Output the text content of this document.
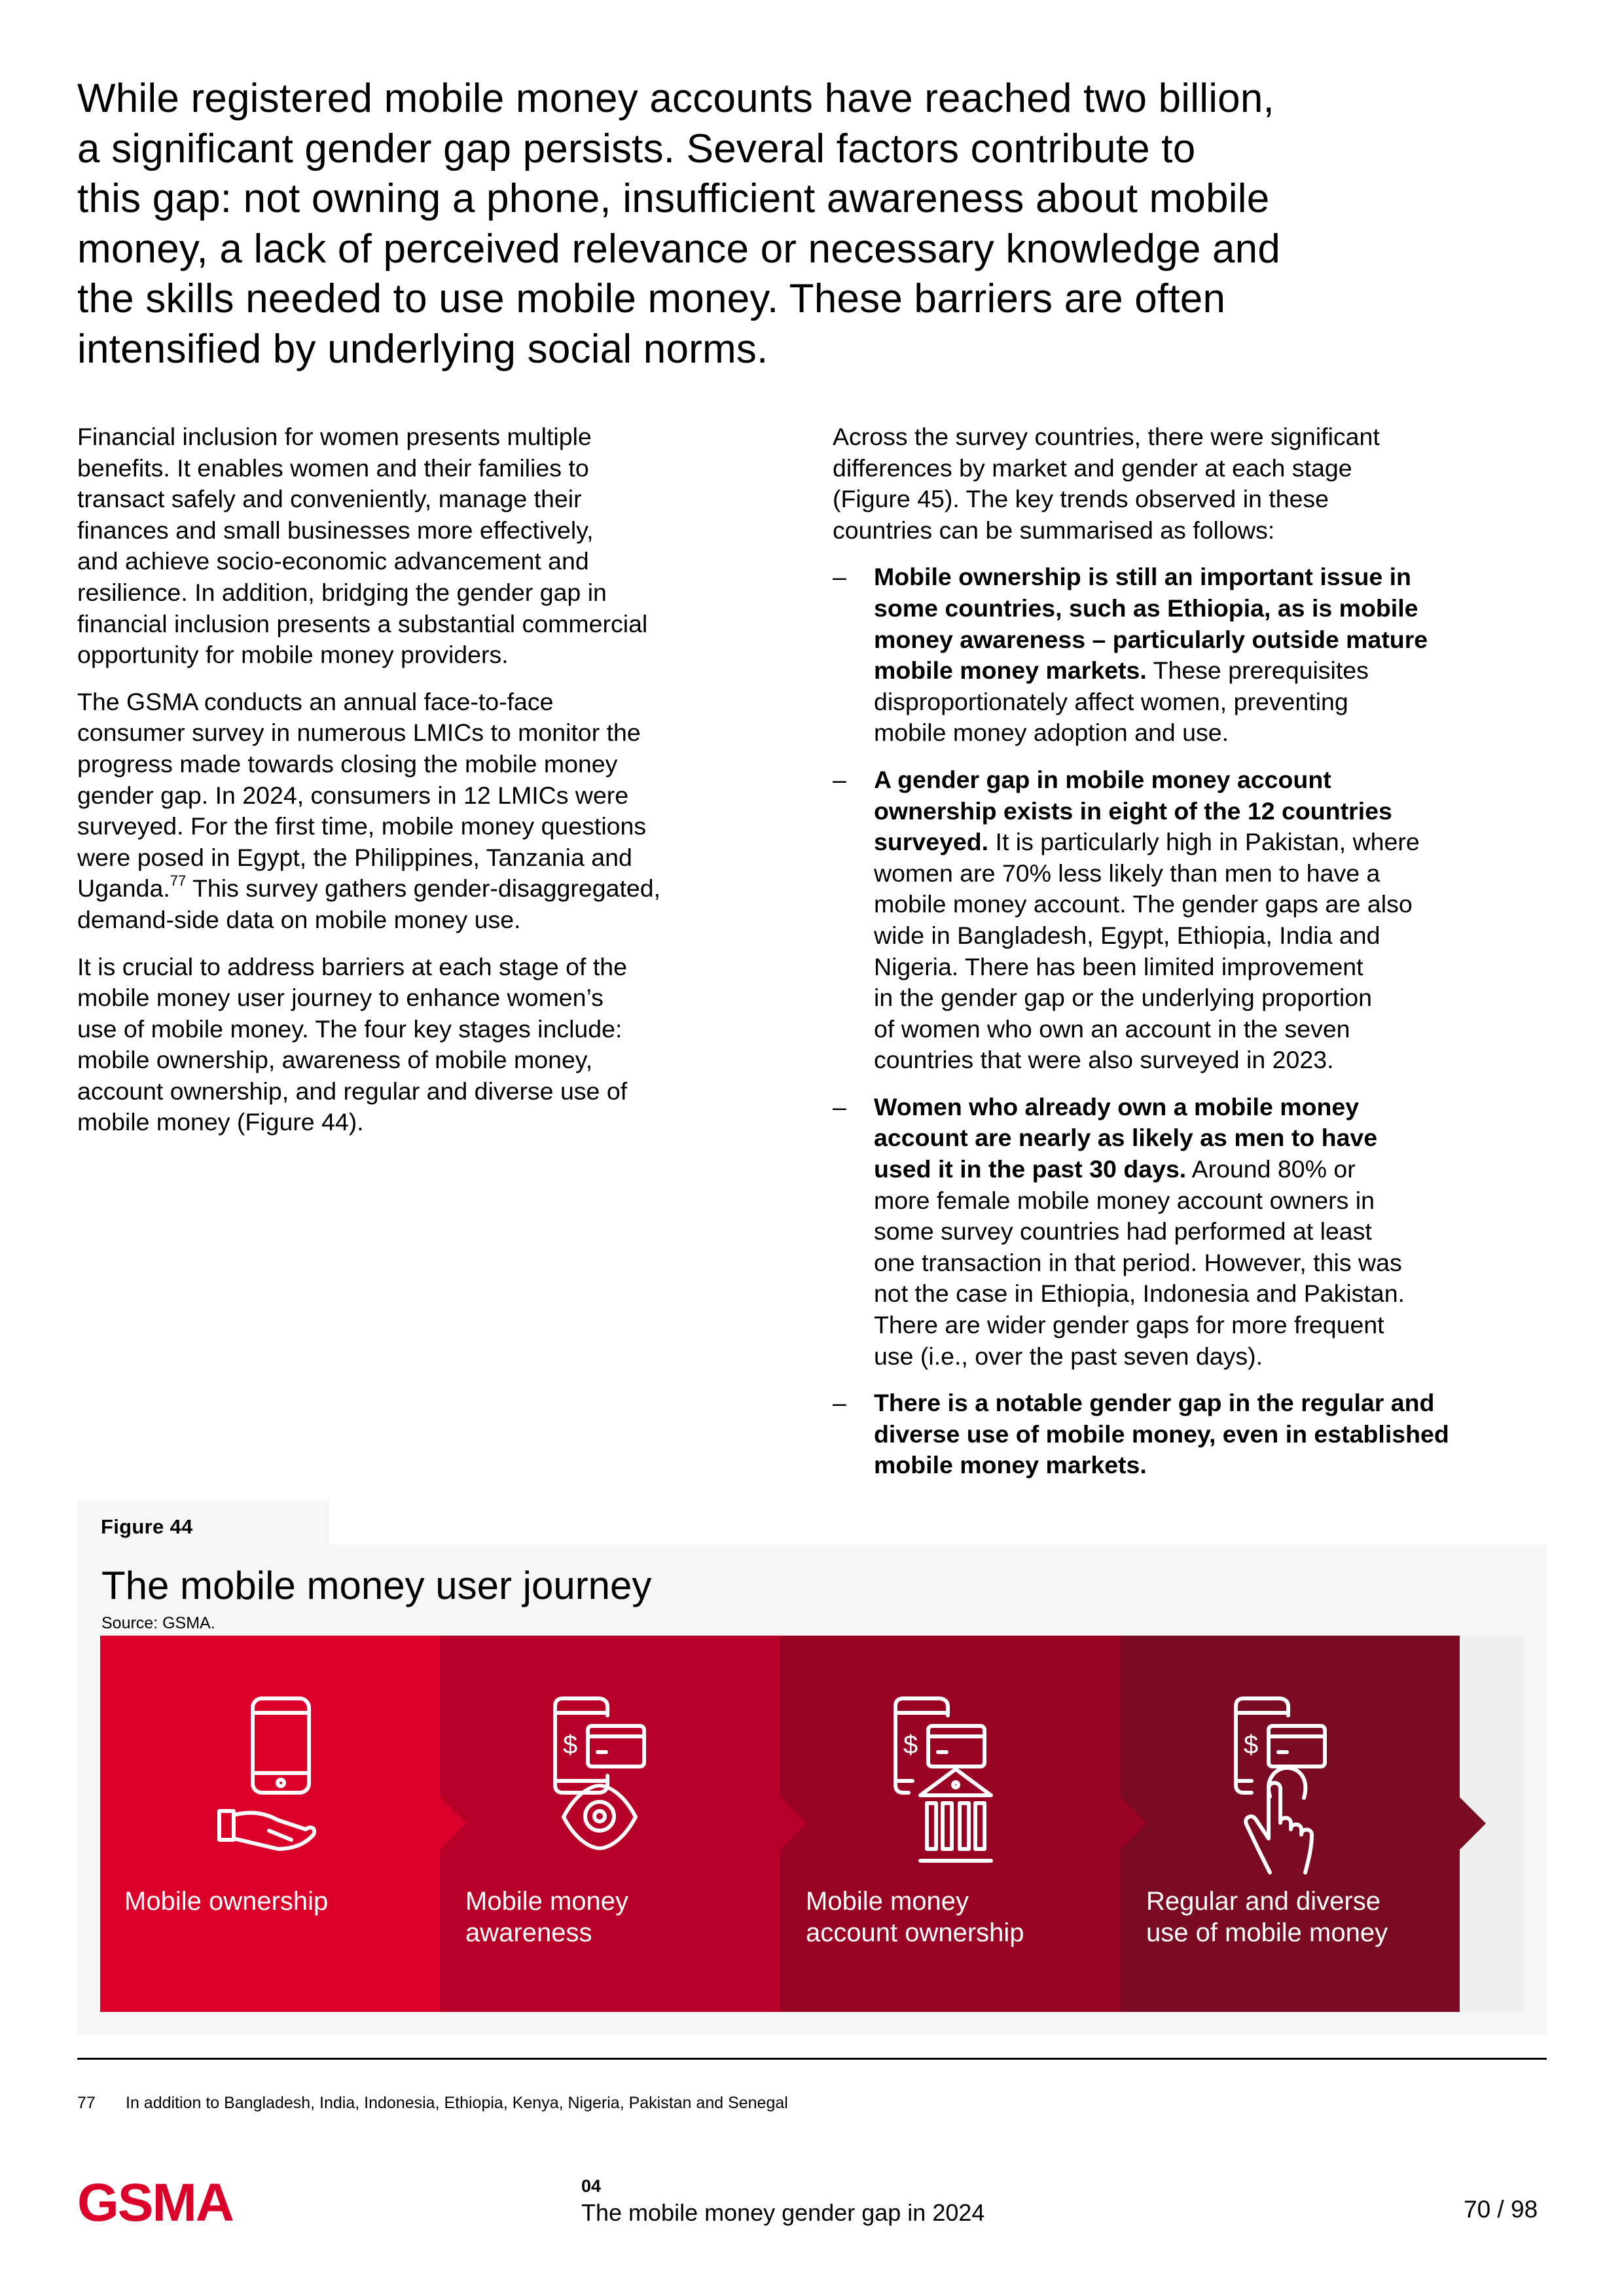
While registered mobile money accounts have reached two billion,
a significant gender gap persists. Several factors contribute to
this gap: not owning a phone, insufficient awareness about mobile
money, a lack of perceived relevance or necessary knowledge and
the skills needed to use mobile money. These barriers are often
intensified by underlying social norms.

Financial inclusion for women presents multiple
benefits. It enables women and their families to
transact safely and conveniently, manage their
finances and small businesses more effectively,
and achieve socio-economic advancement and
resilience. In addition, bridging the gender gap in
financial inclusion presents a substantial commercial
opportunity for mobile money providers.

The GSMA conducts an annual face-to-face
consumer survey in numerous LMICs to monitor the
progress made towards closing the mobile money
gender gap. In 2024, consumers in 12 LMICs were
surveyed. For the first time, mobile money questions
were posed in Egypt, the Philippines, Tanzania and
Uganda.$^{77}$ This survey gathers gender-disaggregated,
demand-side data on mobile money use.

It is crucial to address barriers at each stage of the
mobile money user journey to enhance women’s
use of mobile money. The four key stages include:
mobile ownership, awareness of mobile money,
account ownership, and regular and diverse use of
mobile money (Figure 44).

Across the survey countries, there were significant
differences by market and gender at each stage
(Figure 45). The key trends observed in these
countries can be summarised as follows:

– Mobile ownership is still an important issue in
some countries, such as Ethiopia, as is mobile
money awareness – particularly outside mature
mobile money markets. These prerequisites
disproportionately affect women, preventing
mobile money adoption and use.
– A gender gap in mobile money account
ownership exists in eight of the 12 countries
surveyed. It is particularly high in Pakistan, where
women are 70% less likely than men to have a
mobile money account. The gender gaps are also
wide in Bangladesh, Egypt, Ethiopia, India and
Nigeria. There has been limited improvement
in the gender gap or the underlying proportion
of women who own an account in the seven
countries that were also surveyed in 2023.
– Women who already own a mobile money
account are nearly as likely as men to have
used it in the past 30 days. Around 80% or
more female mobile money account owners in
some survey countries had performed at least
one transaction in that period. However, this was
not the case in Ethiopia, Indonesia and Pakistan.
There are wider gender gaps for more frequent
use (i.e., over the past seven days).
– There is a notable gender gap in the regular and
diverse use of mobile money, even in established
mobile money markets.
Figure 44
The mobile money user journey
Source: GSMA.
$	$	$
Mobile ownership	Mobile money
awareness
Mobile money
account ownership
Regular and diverse
use of mobile money
77 In addition to Bangladesh, India, Indonesia, Ethiopia, Kenya, Nigeria, Pakistan and Senegal
GSMA	04
The mobile money gender gap in 2024	70 / 98
